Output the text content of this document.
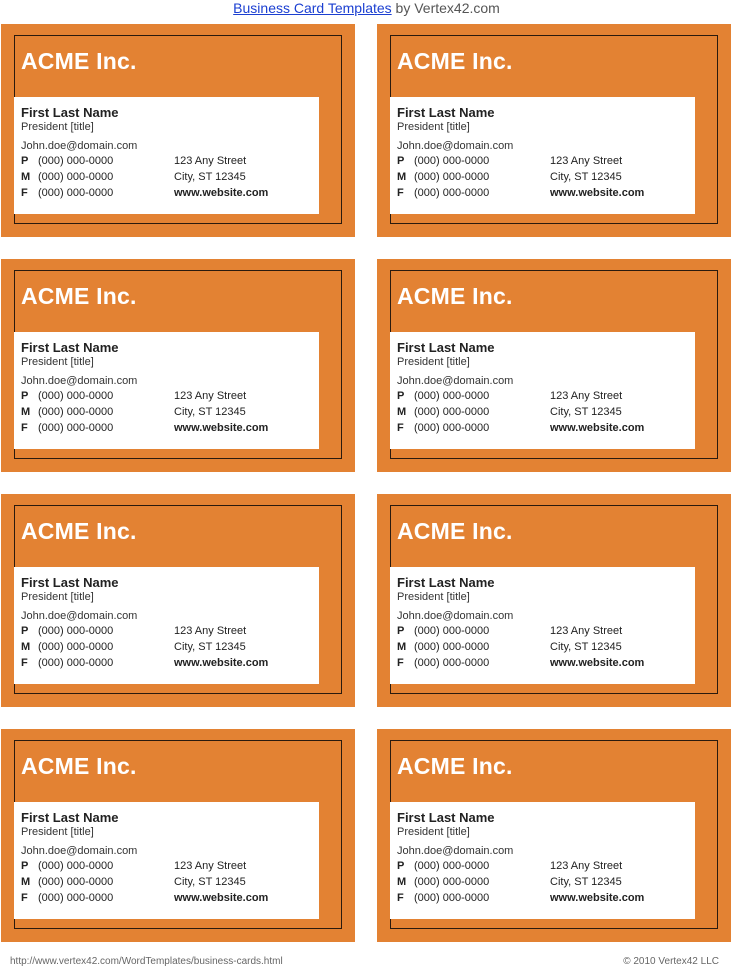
Business Card Templates by Vertex42.com
ACME Inc.
First Last Name
President [title]
John.doe@domain.com
P (000) 000-0000	123 Any Street
M (000) 000-0000	City, ST 12345
F (000) 000-0000	www.website.com
ACME Inc.
First Last Name
President [title]
John.doe@domain.com
P (000) 000-0000	123 Any Street
M (000) 000-0000	City, ST 12345
F (000) 000-0000	www.website.com
ACME Inc.
First Last Name
President [title]
John.doe@domain.com
P (000) 000-0000	123 Any Street
M (000) 000-0000	City, ST 12345
F (000) 000-0000	www.website.com
ACME Inc.
First Last Name
President [title]
John.doe@domain.com
P (000) 000-0000	123 Any Street
M (000) 000-0000	City, ST 12345
F (000) 000-0000	www.website.com
ACME Inc.
First Last Name
President [title]
John.doe@domain.com
P (000) 000-0000	123 Any Street
M (000) 000-0000	City, ST 12345
F (000) 000-0000	www.website.com
ACME Inc.
First Last Name
President [title]
John.doe@domain.com
P (000) 000-0000	123 Any Street
M (000) 000-0000	City, ST 12345
F (000) 000-0000	www.website.com
ACME Inc.
First Last Name
President [title]
John.doe@domain.com
P (000) 000-0000	123 Any Street
M (000) 000-0000	City, ST 12345
F (000) 000-0000	www.website.com
ACME Inc.
First Last Name
President [title]
John.doe@domain.com
P (000) 000-0000	123 Any Street
M (000) 000-0000	City, ST 12345
F (000) 000-0000	www.website.com
http://www.vertex42.com/WordTemplates/business-cards.html	© 2010 Vertex42 LLC
